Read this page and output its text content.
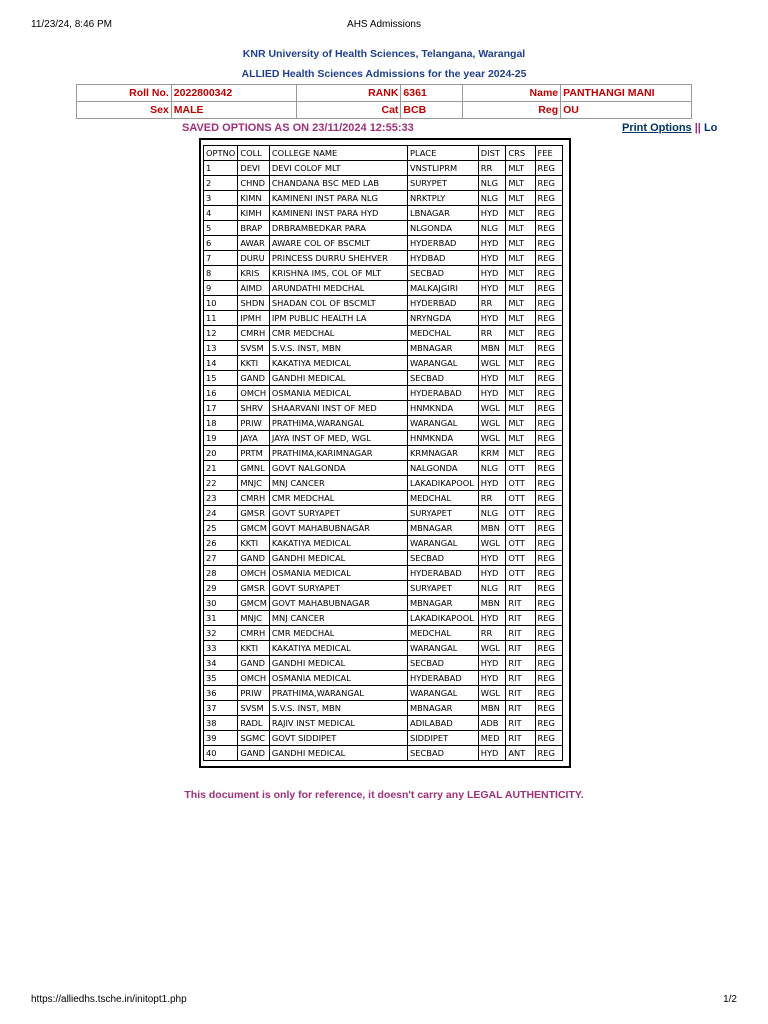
11/23/24, 8:46 PM	AHS Admissions
KNR University of Health Sciences, Telangana, Warangal
ALLIED Health Sciences Admissions for the year 2024-25
Roll No.	2022800342	RANK	6361	Name	PANTHANGI MANI
Sex	MALE	Cat	BCB	Reg	OU
SAVED OPTIONS AS ON 23/11/2024 12:55:33	Print Options || Lo
OPTNO	COLL	COLLEGE NAME	PLACE	DIST	CRS	FEE
1	DEVI	DEVI COLOF MLT	VNSTLIPRM	RR	MLT	REG
2	CHND	CHANDANA BSC MED LAB	SURYPET	NLG	MLT	REG
3	KIMN	KAMINENI INST PARA NLG	NRKTPLY	NLG	MLT	REG
4	KIMH	KAMINENI INST PARA HYD	LBNAGAR	HYD	MLT	REG
5	BRAP	DRBRAMBEDKAR PARA	NLGONDA	NLG	MLT	REG
6	AWAR	AWARE COL OF BSCMLT	HYDERBAD	HYD	MLT	REG
7	DURU	PRINCESS DURRU SHEHVER	HYDBAD	HYD	MLT	REG
8	KRIS	KRISHNA IMS, COL OF MLT	SECBAD	HYD	MLT	REG
9	AIMD	ARUNDATHI MEDCHAL	MALKAJGIRI	HYD	MLT	REG
10	SHDN	SHADAN COL OF BSCMLT	HYDERBAD	RR	MLT	REG
11	IPMH	IPM PUBLIC HEALTH LA	NRYNGDA	HYD	MLT	REG
12	CMRH	CMR MEDCHAL	MEDCHAL	RR	MLT	REG
13	SVSM	S.V.S. INST, MBN	MBNAGAR	MBN	MLT	REG
14	KKTI	KAKATIYA MEDICAL	WARANGAL	WGL	MLT	REG
15	GAND	GANDHI MEDICAL	SECBAD	HYD	MLT	REG
16	OMCH	OSMANIA MEDICAL	HYDERABAD	HYD	MLT	REG
17	SHRV	SHAARVANI INST OF MED	HNMKNDA	WGL	MLT	REG
18	PRIW	PRATHIMA,WARANGAL	WARANGAL	WGL	MLT	REG
19	JAYA	JAYA INST OF MED, WGL	HNMKNDA	WGL	MLT	REG
20	PRTM	PRATHIMA,KARIMNAGAR	KRMNAGAR	KRM	MLT	REG
21	GMNL	GOVT NALGONDA	NALGONDA	NLG	OTT	REG
22	MNJC	MNJ CANCER	LAKADIKAPOOL	HYD	OTT	REG
23	CMRH	CMR MEDCHAL	MEDCHAL	RR	OTT	REG
24	GMSR	GOVT SURYAPET	SURYAPET	NLG	OTT	REG
25	GMCM	GOVT MAHABUBNAGAR	MBNAGAR	MBN	OTT	REG
26	KKTI	KAKATIYA MEDICAL	WARANGAL	WGL	OTT	REG
27	GAND	GANDHI MEDICAL	SECBAD	HYD	OTT	REG
28	OMCH	OSMANIA MEDICAL	HYDERABAD	HYD	OTT	REG
29	GMSR	GOVT SURYAPET	SURYAPET	NLG	RIT	REG
30	GMCM	GOVT MAHABUBNAGAR	MBNAGAR	MBN	RIT	REG
31	MNJC	MNJ CANCER	LAKADIKAPOOL	HYD	RIT	REG
32	CMRH	CMR MEDCHAL	MEDCHAL	RR	RIT	REG
33	KKTI	KAKATIYA MEDICAL	WARANGAL	WGL	RIT	REG
34	GAND	GANDHI MEDICAL	SECBAD	HYD	RIT	REG
35	OMCH	OSMANIA MEDICAL	HYDERABAD	HYD	RIT	REG
36	PRIW	PRATHIMA,WARANGAL	WARANGAL	WGL	RIT	REG
37	SVSM	S.V.S. INST, MBN	MBNAGAR	MBN	RIT	REG
38	RADL	RAJIV INST MEDICAL	ADILABAD	ADB	RIT	REG
39	SGMC	GOVT SIDDIPET	SIDDIPET	MED	RIT	REG
40	GAND	GANDHI MEDICAL	SECBAD	HYD	ANT	REG
This document is only for reference, it doesn't carry any LEGAL AUTHENTICITY.
https://alliedhs.tsche.in/initopt1.php	1/2
